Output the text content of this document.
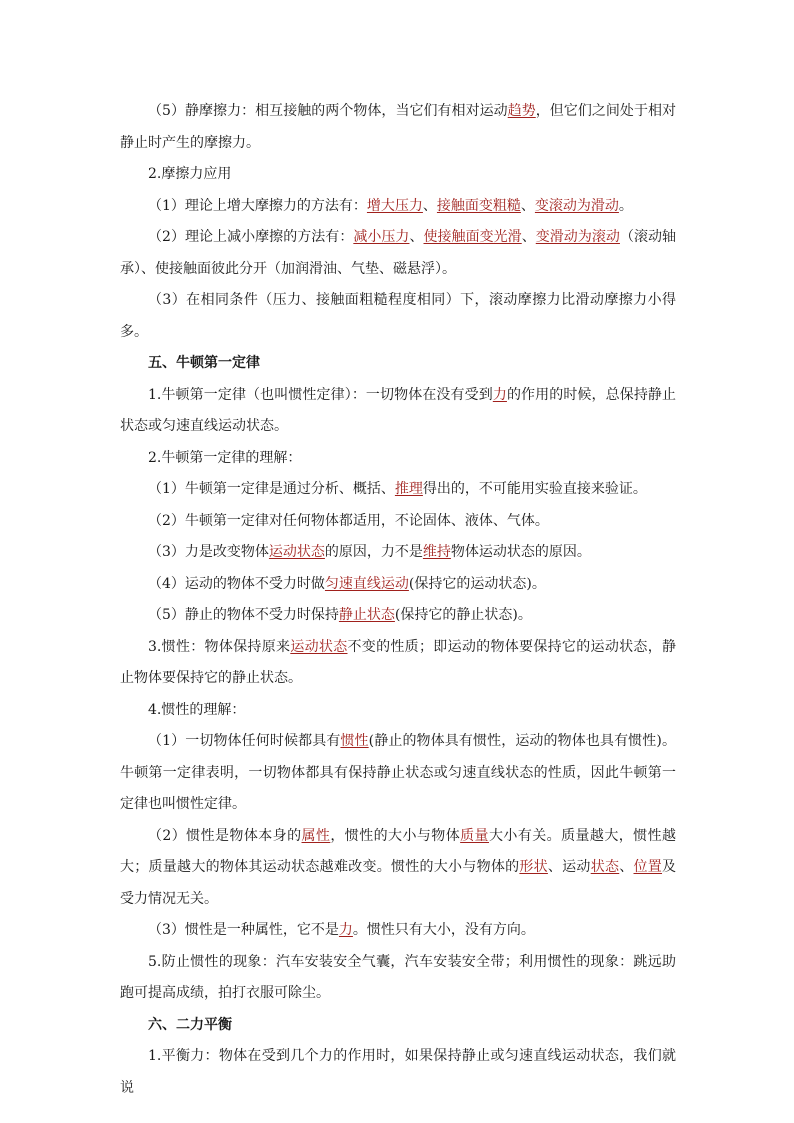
（5）静摩擦力：相互接触的两个物体，当它们有相对运动趋势，但它们之间处于相对静止时产生的摩擦力。

2.摩擦力应用

（1）理论上增大摩擦力的方法有：增大压力、接触面变粗糙、变滚动为滑动。

（2）理论上减小摩擦的方法有：减小压力、使接触面变光滑、变滑动为滚动（滚动轴承）、使接触面彼此分开（加润滑油、气垫、磁悬浮）。

（3）在相同条件（压力、接触面粗糙程度相同）下，滚动摩擦力比滑动摩擦力小得多。

五、牛顿第一定律

1.牛顿第一定律（也叫惯性定律）：一切物体在没有受到力的作用的时候，总保持静止状态或匀速直线运动状态。

2.牛顿第一定律的理解：

（1）牛顿第一定律是通过分析、概括、推理得出的，不可能用实验直接来验证。

（2）牛顿第一定律对任何物体都适用，不论固体、液体、气体。

（3）力是改变物体运动状态的原因，力不是维持物体运动状态的原因。

（4）运动的物体不受力时做匀速直线运动(保持它的运动状态)。

（5）静止的物体不受力时保持静止状态(保持它的静止状态)。

3.惯性：物体保持原来运动状态不变的性质；即运动的物体要保持它的运动状态，静止物体要保持它的静止状态。

4.惯性的理解：

（1）一切物体任何时候都具有惯性(静止的物体具有惯性，运动的物体也具有惯性)。牛顿第一定律表明，一切物体都具有保持静止状态或匀速直线状态的性质，因此牛顿第一定律也叫惯性定律。

（2）惯性是物体本身的属性，惯性的大小与物体质量大小有关。质量越大，惯性越大；质量越大的物体其运动状态越难改变。惯性的大小与物体的形状、运动状态、位置及受力情况无关。

（3）惯性是一种属性，它不是力。惯性只有大小，没有方向。

5.防止惯性的现象：汽车安装安全气囊，汽车安装安全带；利用惯性的现象：跳远助跑可提高成绩，拍打衣服可除尘。

六、二力平衡

1.平衡力：物体在受到几个力的作用时，如果保持静止或匀速直线运动状态，我们就说
